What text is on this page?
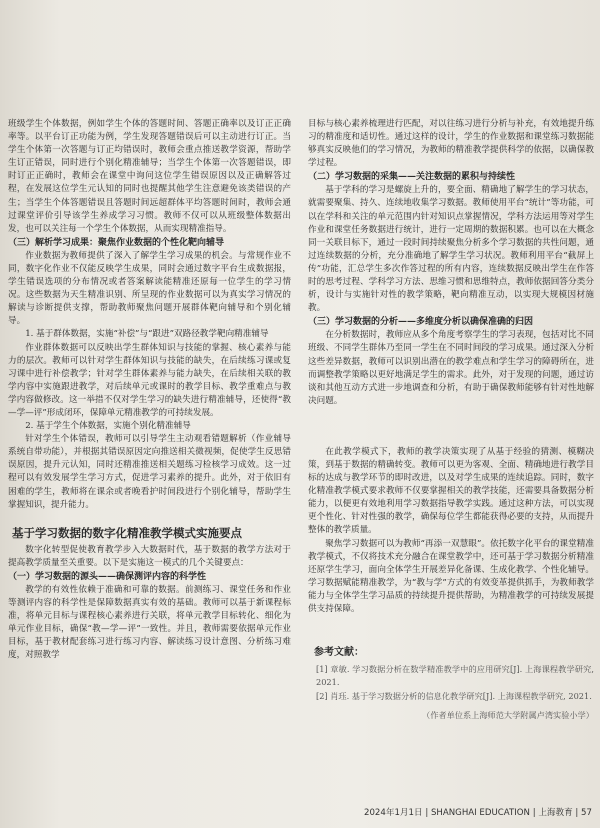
班级学生个体数据，例如学生个体的答题时间、答题正确率以及订正正确率等。以平台订正功能为例，学生发现答题错误后可以主动进行订正。当学生个体第一次答题与订正均错误时，教师会重点推送教学资源，帮助学生订正错误，同时进行个别化精准辅导；当学生个体第一次答题错误，即时订正正确时，教师会在课堂中询问这位学生错误原因以及正确解答过程，在发展这位学生元认知的同时也提醒其他学生注意避免该类错误的产生；当学生个体答题错误且答题时间远超群体平均答题时间时，教师会通过课堂评价引导该学生养成学习习惯。教师不仅可以从班级整体数据出发，也可以关注每一个学生个体数据，从而实现精准指导。

（三）解析学习成果：聚焦作业数据的个性化靶向辅导

作业数据为教师提供了深入了解学生学习成果的机会。与常规作业不同，数字化作业不仅能反映学生成果，同时会通过数字平台生成数据报，学生错误选项的分布情况或者答案解读能精准还原每一位学生的学习情况。这些数据为天生精准识别、所呈现的作业数据可以为真实学习情况的解读与诊断提供支撑，帮助教师聚焦问题开展群体靶向辅导和个别化辅导。

1. 基于群体数据，实施“补偿”与“跟进”双路径教学靶向精准辅导

作业群体数据可以反映出学生群体知识与技能的掌握、核心素养与能力的层次。教师可以针对学生群体知识与技能的缺失，在后续练习课或复习课中进行补偿教学；针对学生群体素养与能力缺失，在后续相关联的教学内容中实施跟进教学，对后续单元或课时的教学目标、教学重难点与教学内容做修改。这一举措不仅对学生学习的缺失进行精准辅导，还使得“教—学—评”形成闭环，保障单元精准教学的可持续发展。

2. 基于学生个体数据，实施个别化精准辅导

针对学生个体错误，教师可以引导学生主动观看错题解析（作业辅导系统自带功能），并根据其错误原因定向推送相关微视频，促使学生反思错误原因，提升元认知，同时还精准推送相关题练习检核学习成效。这一过程可以有效发展学生学习方式，促进学习素养的提升。此外，对于依旧有困难的学生，教师将在课余或者晚看护时间段进行个别化辅导，帮助学生掌握知识，提升能力。

基于学习数据的数字化精准教学模式实施要点

数字化转型促使教育教学步入大数据时代，基于数据的教学方法对于提高教学质量至关重要。以下是实施这一模式的几个关键要点：

（一）学习数据的源头——确保测评内容的科学性

教学的有效性依赖于准确和可靠的数据。前测练习、课堂任务和作业等测评内容的科学性是保障数据真实有效的基础。教师可以基于新课程标准，将单元目标与课程核心素养进行关联，将单元教学目标转化、细化为单元作业目标，确保“教—学—评”一致性。并且，教师需要依据单元作业目标，基于教材配套练习进行练习内容、解读练习设计意图、分析练习难度，对照教学

目标与核心素养梳理进行匹配，对以往练习进行分析与补充，有效地提升练习的精准度和适切性。通过这样的设计，学生的作业数据和课堂练习数据能够真实反映他们的学习情况，为教师的精准教学提供科学的依据，以确保教学过程。

（二）学习数据的采集——关注数据的累积与持续性

基于学科的学习是螺旋上升的，要全面、精确地了解学生的学习状态，就需要聚集、持久、连续地收集学习数据。教师使用平台“统计”等功能，可以在学科和关注的单元范围内针对知识点掌握情况，学科方法运用等对学生作业和课堂任务数据进行统计，进行一定周期的数据积累。也可以在大概念同一关联目标下，通过一段时间持续聚焦分析多个学习数据的共性问题，通过连续数据的分析，充分准确地了解学生学习状况。教师利用平台“截屏上传”功能，汇总学生多次作答过程的所有内容，连续数据反映出学生在作答时的思考过程、学科学习方法、思维习惯和思维特点，教师依据回答分类分析，设计与实施针对性的教学策略，靶向精准互动，以实现大规模因材施教。

（三）学习数据的分析——多维度分析以确保准确的归因

在分析数据时，教师应从多个角度考察学生的学习表现，包括对比不同班级、不同学生群体乃至同一学生在不同时间段的学习成果。通过深入分析这些差异数据，教师可以识别出潜在的教学难点和学生学习的障碍所在，进而调整教学策略以更好地满足学生的需求。此外，对于发现的问题，通过访谈和其他互动方式进一步地调查和分析，有助于确保教师能够有针对性地解决问题。

在此教学模式下，教师的教学决策实现了从基于经验的猜测、模糊决策，到基于数据的精确转变。教师可以更为客观、全面、精确地进行教学目标的达成与教学环节的即时改进，以及对学生成果的连续追踪。同时，数字化精准教学模式要求教师不仅要掌握相关的教学技能，还需要具备数据分析能力，以便更有效地利用学习数据指导教学实践。通过这种方法，可以实现更个性化、针对性强的教学，确保每位学生都能获得必要的支持，从而提升整体的教学质量。

聚焦学习数据可以为教师“再添一双慧眼”。依托数字化平台的课堂精准教学模式，不仅将技术充分融合在课堂教学中，还可基于学习数据分析精准还原学生学习，面向全体学生开展差异化备课、生成化教学、个性化辅导。学习数据赋能精准教学，为“教与学”方式的有效变革提供抓手，为教师教学能力与全体学生学习品质的持续提升提供帮助，为精准教学的可持续发展提供支持保障。

参考文献：
[1] 章敏. 学习数据分析在数学精准教学中的应用研究[J]. 上海课程教学研究, 2021.
[2] 肖珏. 基于学习数据分析的信息化教学研究[J]. 上海课程教学研究, 2021.
（作者单位系上海师范大学附属卢湾实验小学）
2024年1月1日 | SHANGHAI EDUCATION | 上海教育 | 57
